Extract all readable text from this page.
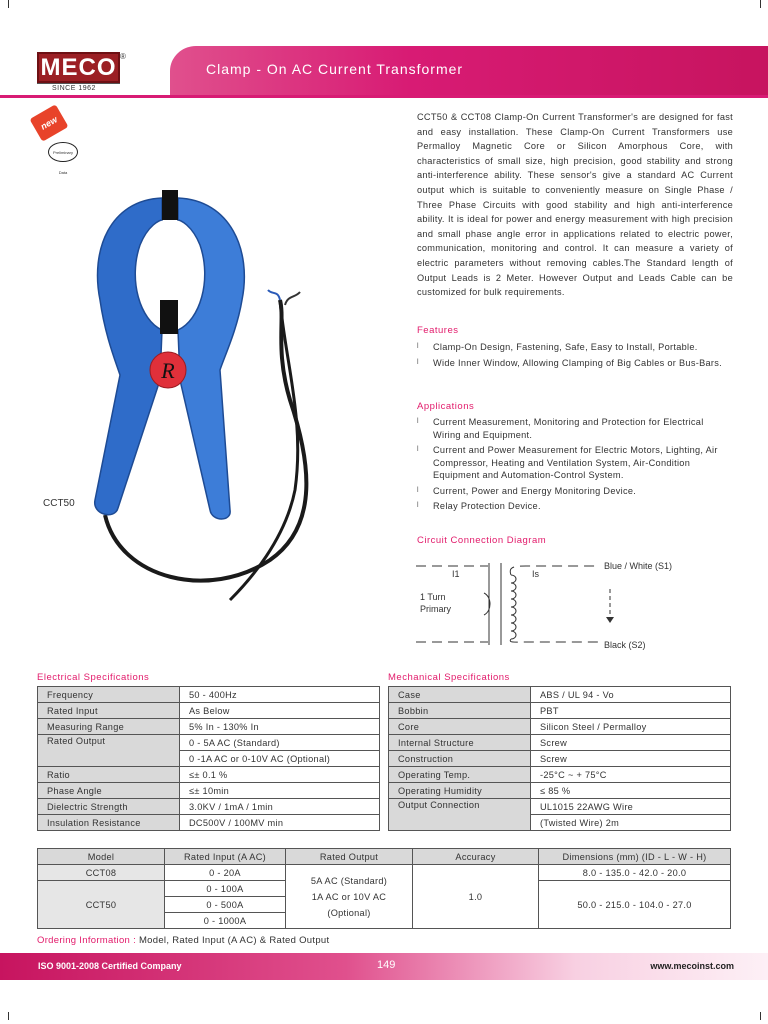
MECO ®
SINCE 1962
Clamp - On AC Current Transformer
new
Preliminary Data
R
CCT50

CCT50 & CCT08 Clamp-On Current Transformer's are designed for fast and easy installation. These Clamp-On Current Transformers use Permalloy Magnetic Core or Silicon Amorphous Core, with characteristics of small size, high precision, good stability and strong anti-interference ability. These sensor's give a standard AC Current output which is suitable to conveniently measure on Single Phase / Three Phase Circuits with good stability and high anti-interference ability. It is ideal for power and energy measurement with high precision and small phase angle error in applications related to electric power, communication, monitoring and control. It can measure a variety of electric parameters without removing cables.The Standard length of Output Leads is 2 Meter. However Output and Leads Cable can be customized for bulk requirements.

Features
l Clamp-On Design, Fastening, Safe, Easy to Install, Portable.
l Wide Inner Window, Allowing Clamping of Big Cables or Bus-Bars.
Applications
l Current Measurement, Monitoring and Protection for Electrical Wiring and Equipment.
l Current and Power Measurement for Electric Motors, Lighting, Air Compressor, Heating and Ventilation System, Air-Condition Equipment and Automation-Control System.
l Current, Power and Energy Monitoring Device.
l Relay Protection Device.
Circuit Connection Diagram
I1	Is
1 Turn
Primary
Blue / White (S1)
Black (S2)
Electrical Specifications
Frequency	50 - 400Hz
Rated Input	As Below
Measuring Range	5% In - 130% In
Rated Output	0 - 5A AC (Standard)
	0 -1A AC or 0-10V AC (Optional)
Ratio	≤± 0.1 %
Phase Angle	≤± 10min
Dielectric Strength	3.0KV / 1mA / 1min
Insulation Resistance	DC500V / 100MV min
Mechanical Specifications
Case	ABS / UL 94 - Vo
Bobbin	PBT
Core	Silicon Steel / Permalloy
Internal Structure	Screw
Construction	Screw
Operating Temp.	-25°C ~ + 75°C
Operating Humidity	≤ 85 %
Output Connection	UL1015 22AWG Wire
	(Twisted Wire) 2m
Model	Rated Input (A AC)	Rated Output	Accuracy	Dimensions (mm) (ID - L - W - H)
CCT08	0 - 20A	5A AC (Standard)
1A AC or 10V AC
(Optional)	1.0	8.0 - 135.0 - 42.0 - 20.0
CCT50	0 - 100A			50.0 - 215.0 - 104.0 - 27.0
	0 - 500A			
	0 - 1000A			
Ordering Information : Model, Rated Input (A AC) & Rated Output
ISO 9001-2008 Certified Company	149	www.mecoinst.com
